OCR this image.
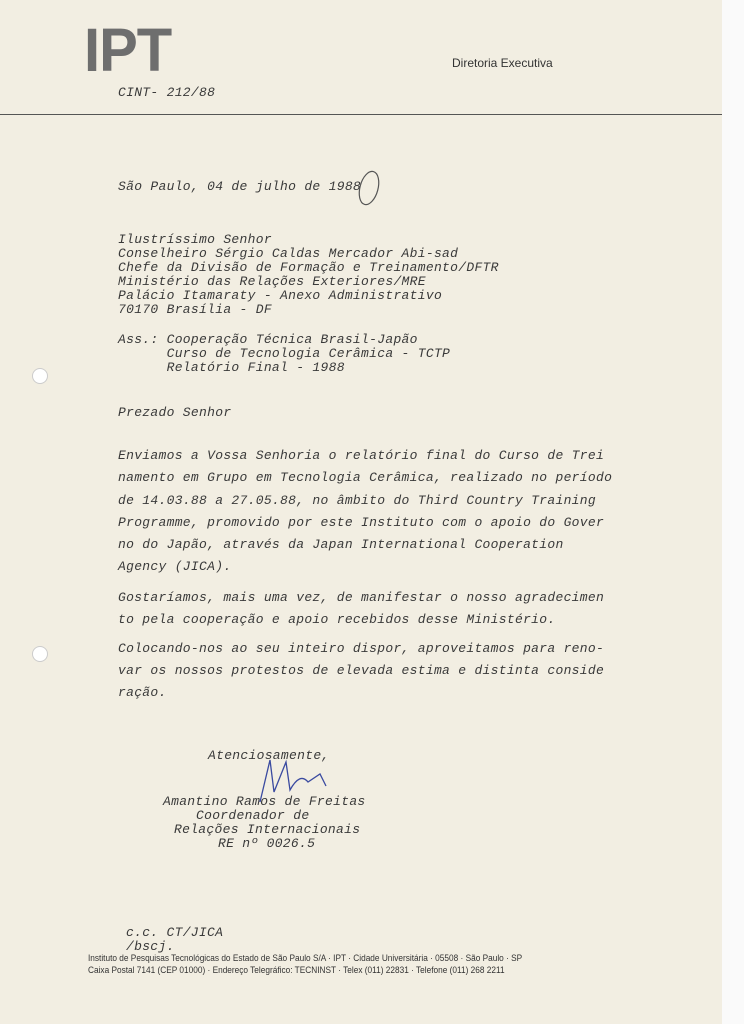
IPT	Diretoria Executiva
CINT- 212/88
São Paulo, 04 de julho de 1988
Ilustríssimo Senhor
Conselheiro Sérgio Caldas Mercador Abi-sad
Chefe da Divisão de Formação e Treinamento/DFTR
Ministério das Relações Exteriores/MRE
Palácio Itamaraty - Anexo Administrativo
70170 Brasília - DF
Ass.: Cooperação Técnica Brasil-Japão
Curso de Tecnologia Cerâmica - TCTP
Relatório Final - 1988
Prezado Senhor
Enviamos a Vossa Senhoria o relatório final do Curso de Trei
namento em Grupo em Tecnologia Cerâmica, realizado no período
de 14.03.88 a 27.05.88, no âmbito do Third Country Training
Programme, promovido por este Instituto com o apoio do Gover
no do Japão, através da Japan International Cooperation
Agency (JICA).
Gostaríamos, mais uma vez, de manifestar o nosso agradecimen
to pela cooperação e apoio recebidos desse Ministério.
Colocando-nos ao seu inteiro dispor, aproveitamos para reno-
var os nossos protestos de elevada estima e distinta conside
ração.
Atenciosamente,
Amantino Ramos de Freitas
Coordenador de
Relações Internacionais
RE nº 0026.5
c.c. CT/JICA
/bscj.
Instituto de Pesquisas Tecnológicas do Estado de São Paulo S/A · IPT · Cidade Universitária · 05508 · São Paulo · SP
Caixa Postal 7141 (CEP 01000) · Endereço Telegráfico: TECNINST · Telex (011) 22831 · Telefone (011) 268 2211
